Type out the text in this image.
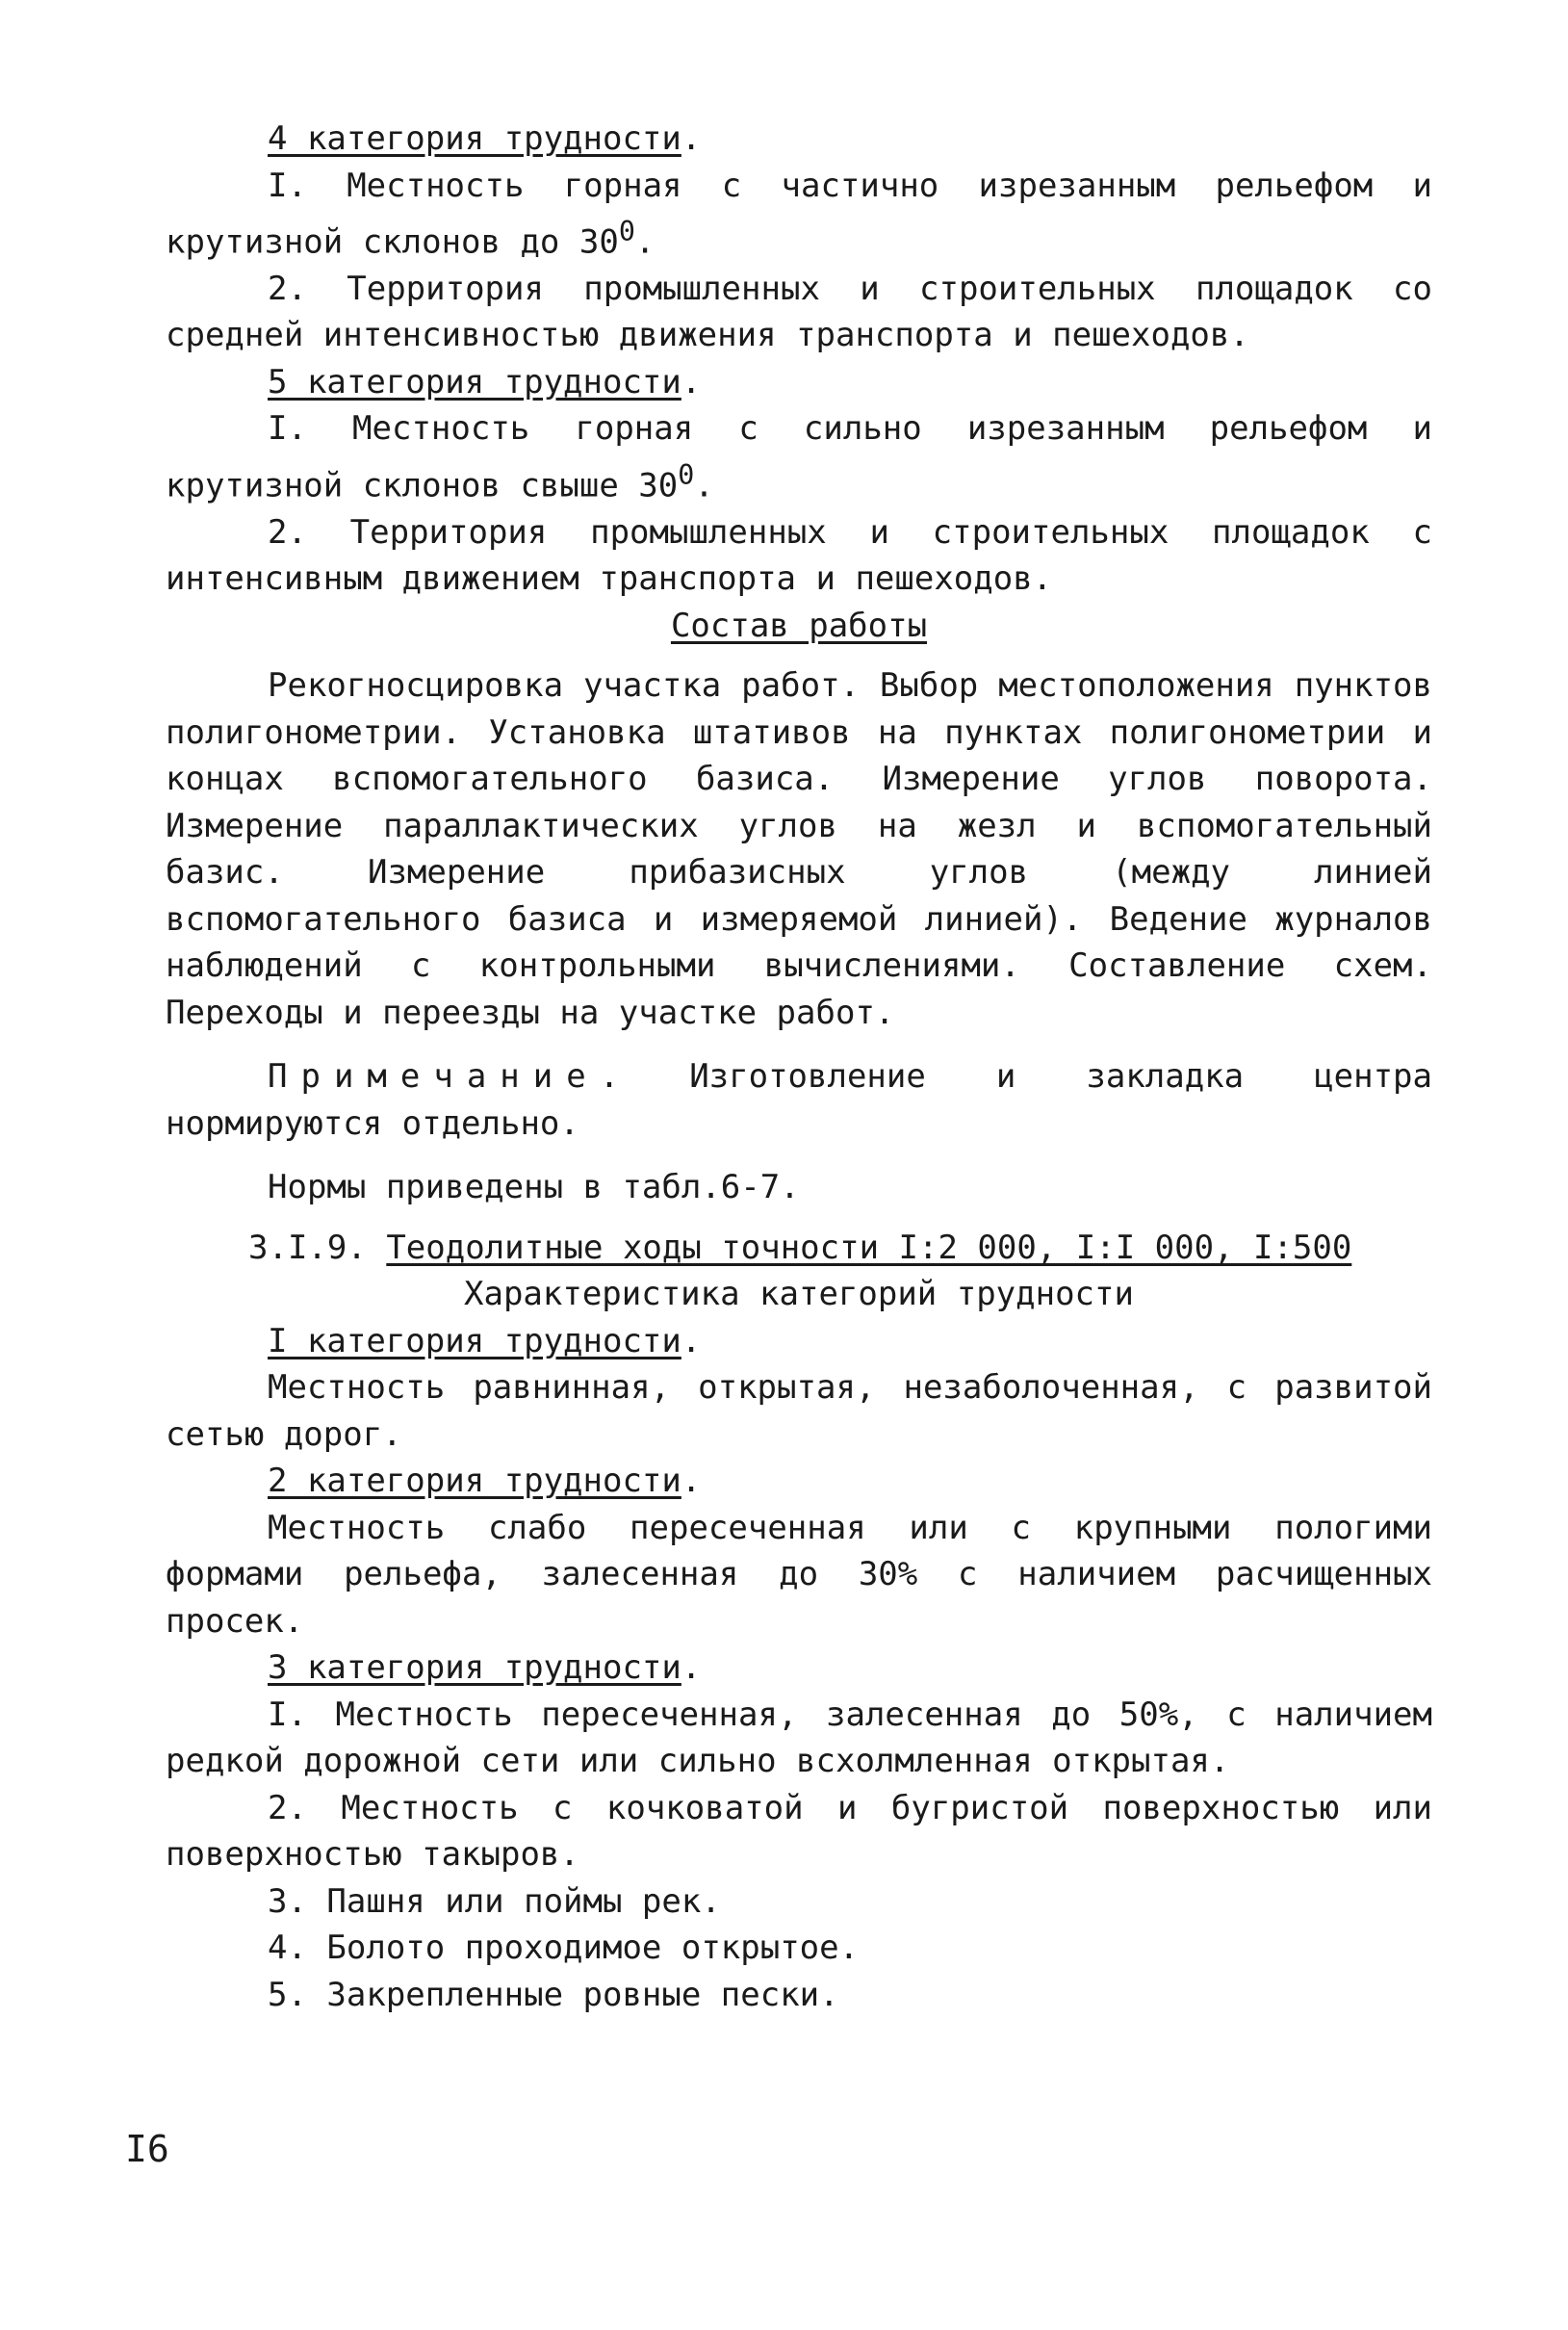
4 категория трудности.

I. Местность горная с частично изрезанным рельефом и крутизной склонов до $30^0$.

2. Территория промышленных и строительных площадок со средней интенсивностью движения транспорта и пешеходов.

5 категория трудности.

I. Местность горная с сильно изрезанным рельефом и крутизной склонов свыше $30^0$.

2. Территория промышленных и строительных площадок с интенсивным движением транспорта и пешеходов.

Состав работы

Рекогносцировка участка работ. Выбор местоположения пунктов полигонометрии. Установка штативов на пунктах полигонометрии и концах вспомогательного базиса. Измерение углов поворота. Измерение параллактических углов на жезл и вспомогательный базис. Измерение прибазисных углов (между линией вспомогательного базиса и измеряемой линией). Ведение журналов наблюдений с контрольными вычислениями. Составление схем. Переходы и переезды на участке работ.

Примечание. Изготовление и закладка центра нормируются отдельно.

Нормы приведены в табл.6-7.

3.I.9. Теодолитные ходы точности I:2 000, I:I 000, I:500

Характеристика категорий трудности

I категория трудности.

Местность равнинная, открытая, незаболоченная, с развитой сетью дорог.

2 категория трудности.

Местность слабо пересеченная или с крупными пологими формами рельефа, залесенная до 30% с наличием расчищенных просек.

3 категория трудности.

I. Местность пересеченная, залесенная до 50%, с наличием редкой дорожной сети или сильно всхолмленная открытая.

2. Местность с кочковатой и бугристой поверхностью или поверхностью такыров.

3. Пашня или поймы рек.

4. Болото проходимое открытое.

5. Закрепленные ровные пески.

I6
